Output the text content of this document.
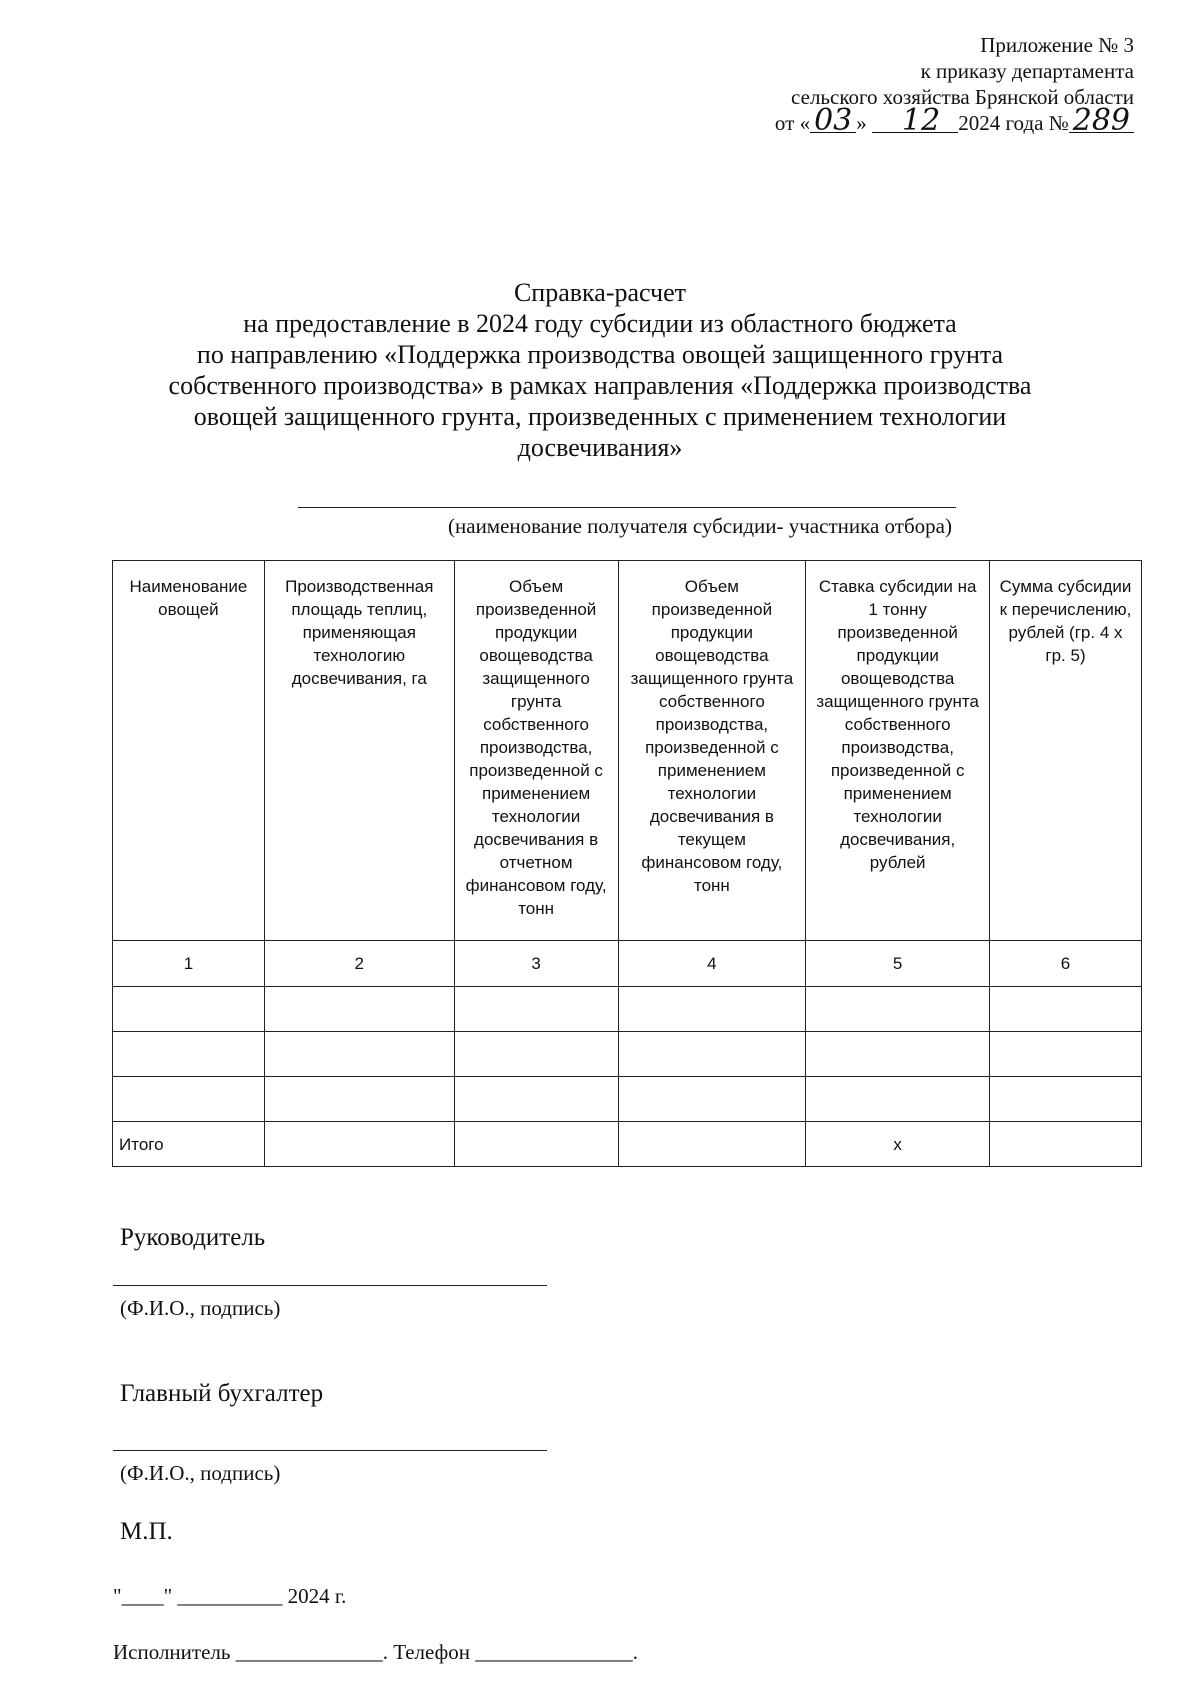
Приложение № 3
к приказу департамента
сельского хозяйства Брянской области
от « 03 » 12 2024 года № 289
Справка-расчет
на предоставление в 2024 году субсидии из областного бюджета
по направлению «Поддержка производства овощей защищенного грунта
собственного производства» в рамках направления «Поддержка производства
овощей защищенного грунта, произведенных с применением технологии
досвечивания»
(наименование получателя субсидии- участника отбора)
Наименование овощей	Производственная площадь теплиц, применяющая технологию досвечивания, га	Объем произведенной продукции овощеводства защищенного грунта собственного производства, произведенной с применением технологии досвечивания в отчетном финансовом году, тонн	Объем произведенной продукции овощеводства защищенного грунта собственного производства, произведенной с применением технологии досвечивания в текущем финансовом году, тонн	Ставка субсидии на 1 тонну произведенной продукции овощеводства защищенного грунта собственного производства, произведенной с применением технологии досвечивания, рублей	Сумма субсидии к перечислению, рублей (гр. 4 х гр. 5)

1	2	3	4	5	6

Итого				х	
Руководитель
(Ф.И.О., подпись)
Главный бухгалтер
(Ф.И.О., подпись)
М.П.
"____" __________ 2024 г.
Исполнитель ______________. Телефон _______________.
